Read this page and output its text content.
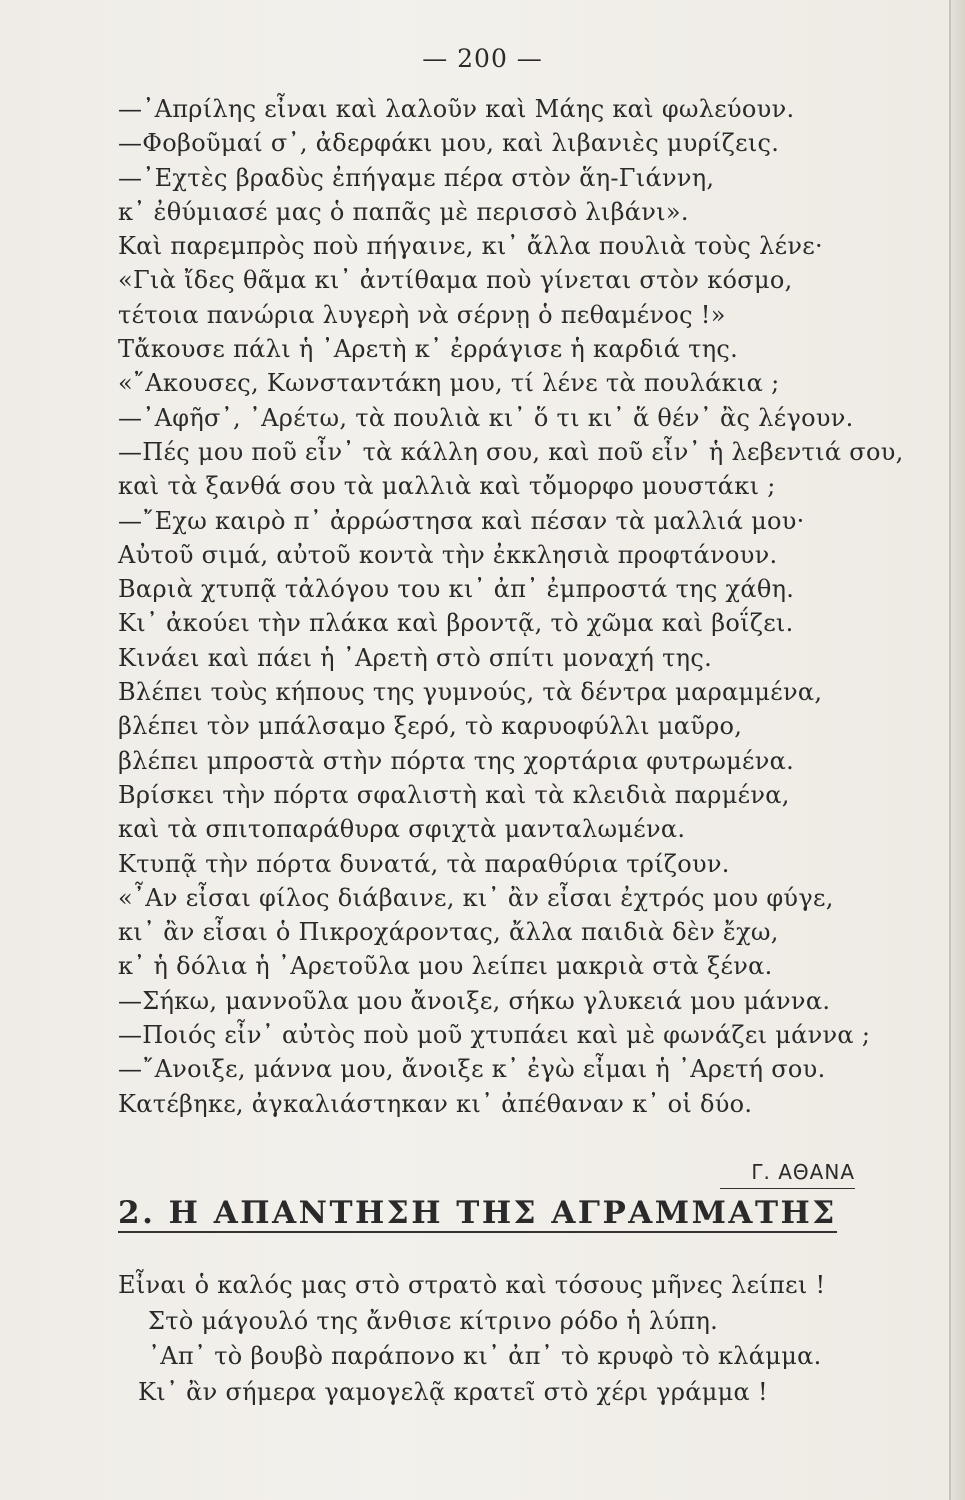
— 200 —
—᾿Απρίλης εἶναι καὶ λαλοῦν καὶ Μάης καὶ φωλεύουν.
—Φοβοῦμαί σ᾿, ἀδερφάκι μου, καὶ λιβανιὲς μυρίζεις.
—᾿Εχτὲς βραδὺς ἐπήγαμε πέρα στὸν ἅη-Γιάννη,
κ᾿ ἐθύμιασέ μας ὁ παπᾶς μὲ περισσὸ λιβάνι».
Καὶ παρεμπρὸς ποὺ πήγαινε, κι᾿ ἄλλα πουλιὰ τοὺς λένε·
«Γιὰ ἴδες θᾶμα κι᾿ ἀντίθαμα ποὺ γίνεται στὸν κόσμο,
τέτοια πανώρια λυγερὴ νὰ σέρνῃ ὁ πεθαμένος !»
Τἄκουσε πάλι ἡ ᾿Αρετὴ κ᾿ ἐρράγισε ἡ καρδιά της.
«῎Ακουσες, Κωνσταντάκη μου, τί λένε τὰ πουλάκια ;
—᾿Αφῆσ᾿, ᾿Αρέτω, τὰ πουλιὰ κι᾿ ὅ τι κι᾿ ἅ θέν᾿ ἂς λέγουν.
—Πές μου ποῦ εἶν᾿ τὰ κάλλη σου, καὶ ποῦ εἶν᾿ ἡ λεβεντιά σου,
καὶ τὰ ξανθά σου τὰ μαλλιὰ καὶ τὄμορφο μουστάκι ;
—῎Εχω καιρὸ π᾿ ἀρρώστησα καὶ πέσαν τὰ μαλλιά μου·
Αὐτοῦ σιμά, αὐτοῦ κοντὰ τὴν ἐκκλησιὰ προφτάνουν.
Βαριὰ χτυπᾷ τἀλόγου του κι᾿ ἀπ᾿ ἐμπροστά της χάθη.
Κι᾿ ἀκούει τὴν πλάκα καὶ βροντᾷ, τὸ χῶμα καὶ βοΐζει.
Κινάει καὶ πάει ἡ ᾿Αρετὴ στὸ σπίτι μοναχή της.
Βλέπει τοὺς κήπους της γυμνούς, τὰ δέντρα μαραμμένα,
βλέπει τὸν μπάλσαμο ξερό, τὸ καρυοφύλλι μαῦρο,
βλέπει μπροστὰ στὴν πόρτα της χορτάρια φυτρωμένα.
Βρίσκει τὴν πόρτα σφαλιστὴ καὶ τὰ κλειδιὰ παρμένα,
καὶ τὰ σπιτοπαράθυρα σφιχτὰ μανταλωμένα.
Κτυπᾷ τὴν πόρτα δυνατά, τὰ παραθύρια τρίζουν.
«῏Αν εἶσαι φίλος διάβαινε, κι᾿ ἂν εἶσαι ἐχτρός μου φύγε,
κι᾿ ἂν εἶσαι ὁ Πικροχάροντας, ἄλλα παιδιὰ δὲν ἔχω,
κ᾿ ἡ δόλια ἡ ᾿Αρετοῦλα μου λείπει μακριὰ στὰ ξένα.
—Σήκω, μαννοῦλα μου ἄνοιξε, σήκω γλυκειά μου μάννα.
—Ποιός εἶν᾿ αὐτὸς ποὺ μοῦ χτυπάει καὶ μὲ φωνάζει μάννα ;
—῎Ανοιξε, μάννα μου, ἄνοιξε κ᾿ ἐγὼ εἶμαι ἡ ᾿Αρετή σου.
Κατέβηκε, ἀγκαλιάστηκαν κι᾿ ἀπέθαναν κ᾿ οἱ δύο.
Γ. ΑΘΑΝΑ
2. Η ΑΠΑΝΤΗΣΗ ΤΗΣ ΑΓΡΑΜΜΑΤΗΣ
Εἶναι ὁ καλός μας στὸ στρατὸ καὶ τόσους μῆνες λείπει !
Στὸ μάγουλό της ἄνθισε κίτρινο ρόδο ἡ λύπη.
᾿Απ᾿ τὸ βουβὸ παράπονο κι᾿ ἀπ᾿ τὸ κρυφὸ τὸ κλάμμα.
Κι᾿ ἂν σήμερα γαμογελᾷ κρατεῖ στὸ χέρι γράμμα !
